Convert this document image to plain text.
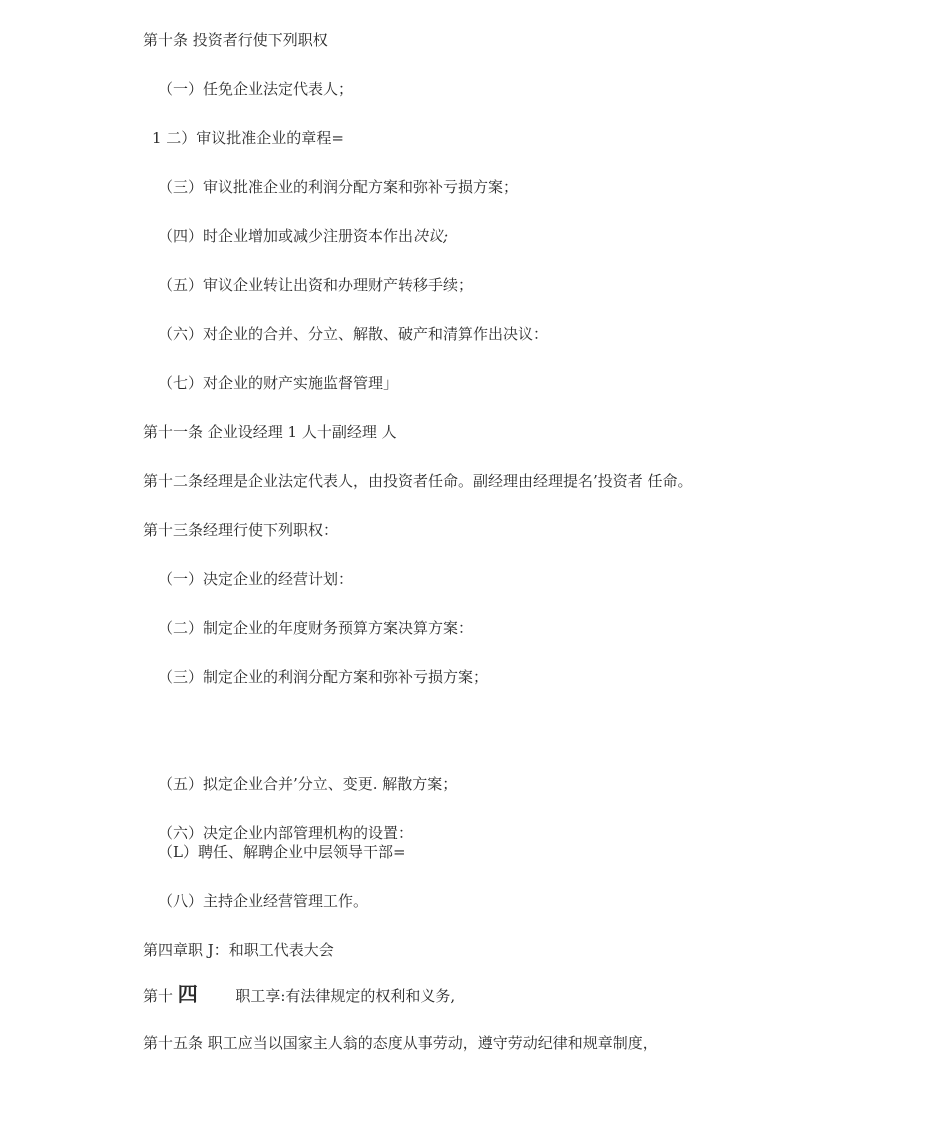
第十条 投资者行使下列职权
（一）任免企业法定代表人；
1 二）审议批准企业的章程=
（三）审议批准企业的利润分配方案和弥补亏损方案；
（四）时企业增加或减少注册资本作出决议;
（五）审议企业转让出资和办理财产转移手续；
（六）对企业的合并、分立、解散、破产和清算作出决议：
（七）对企业的财产实施监督管理」
第十一条 企业设经理 1 人十副经理 人
第十二条经理是企业法定代表人，由投资者任命。副经理由经理提名’投资者 任命。
第十三条经理行使下列职权：
（一）决定企业的经营计划：
（二）制定企业的年度财务预算方案决算方案：
（三）制定企业的利润分配方案和弥补亏损方案；
（五）拟定企业合并’分立、变更. 解散方案；
（六）决定企业内部管理机构的设置：
（L）聘任、解聘企业中层领导干部=
（八）主持企业经营管理工作。
第四章职 J：和职工代表大会
第十 四	职工享:有法律规定的权利和义务,
第十五条 职工应当以国家主人翁的态度从事劳动，遵守劳动纪律和规章制度，
